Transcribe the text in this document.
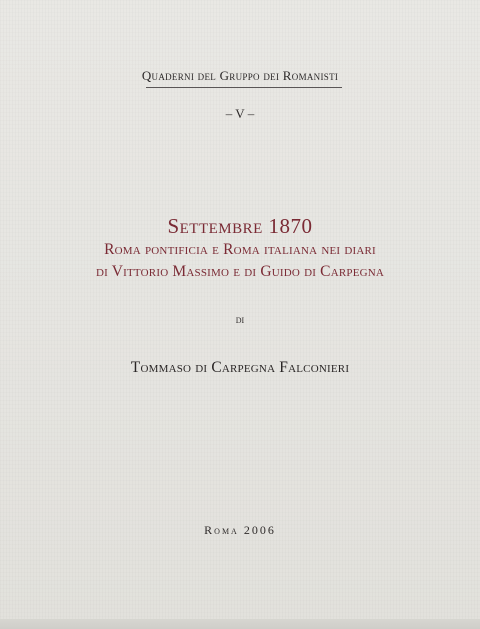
Quaderni del Gruppo dei Romanisti

– V –

Settembre 1870

Roma pontificia e Roma italiana nei diari

di Vittorio Massimo e di Guido di Carpegna

di

Tommaso di Carpegna Falconieri

Roma 2006
